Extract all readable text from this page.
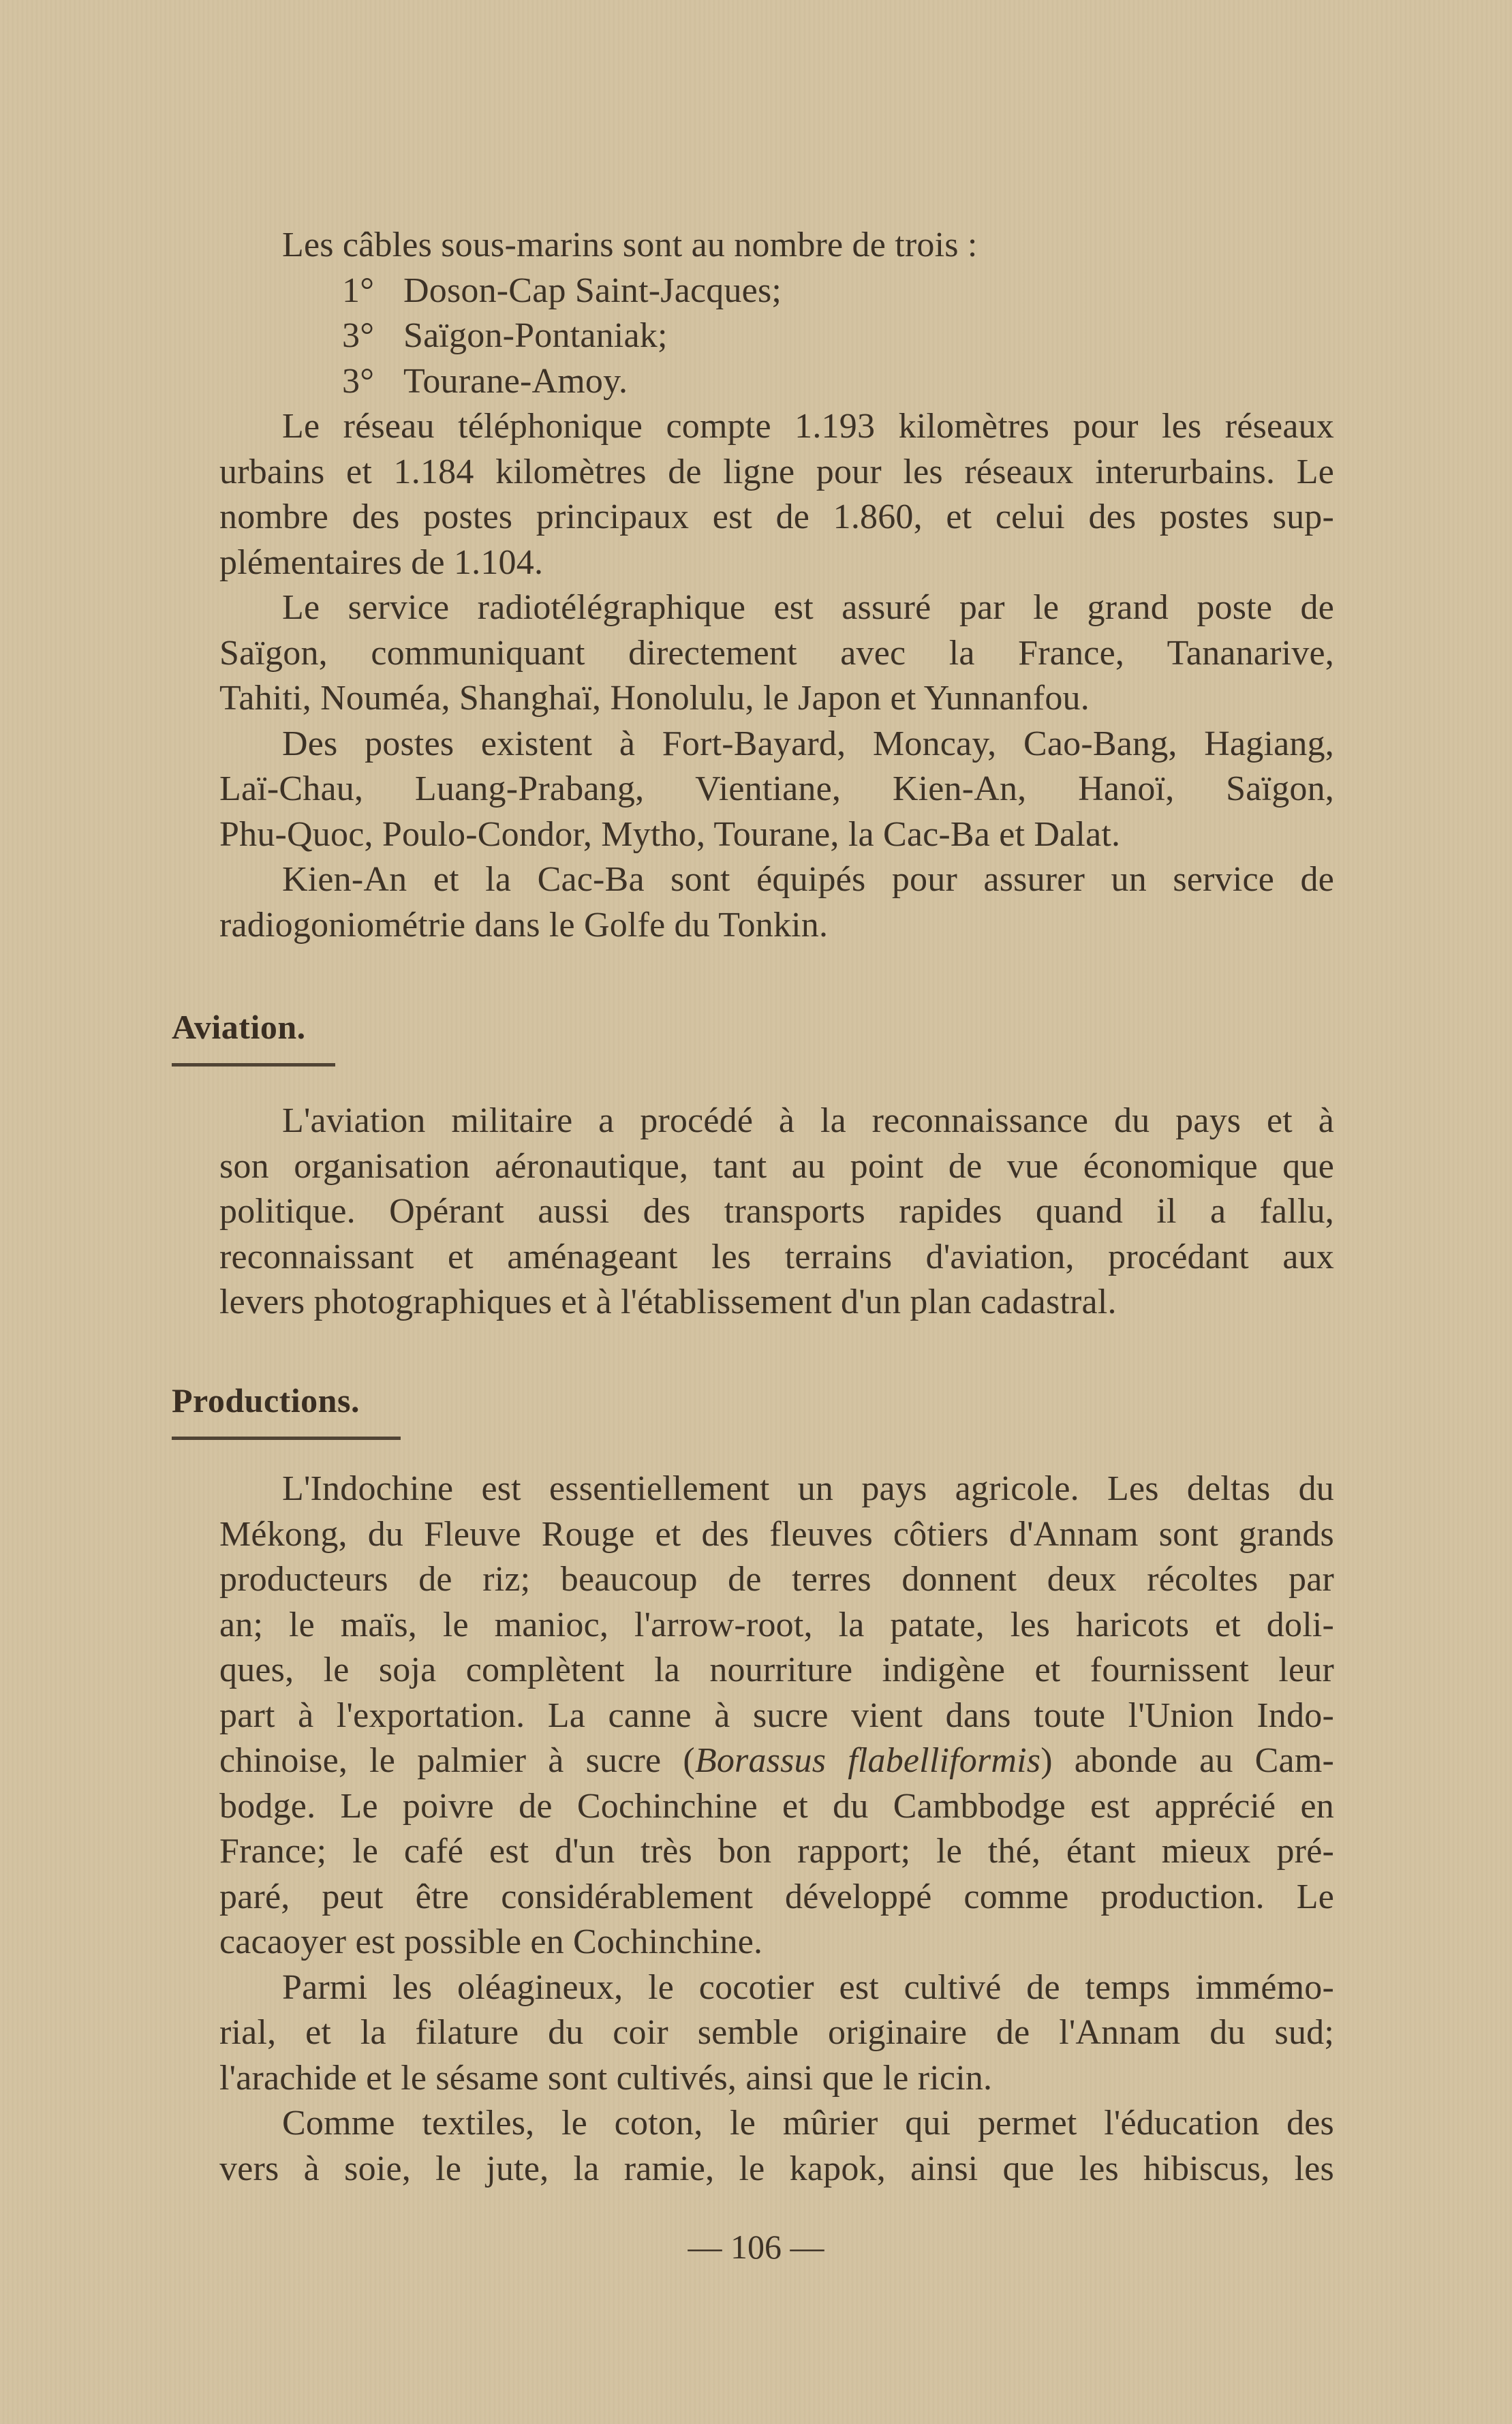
Les câbles sous-marins sont au nombre de trois :
1° Doson-Cap Saint-Jacques;
3° Saïgon-Pontaniak;
3° Tourane-Amoy.

Le réseau téléphonique compte 1.193 kilomètres pour les réseaux
urbains et 1.184 kilomètres de ligne pour les réseaux interurbains. Le
nombre des postes principaux est de 1.860, et celui des postes sup-
plémentaires de 1.104.

Le service radiotélégraphique est assuré par le grand poste de
Saïgon, communiquant directement avec la France, Tananarive,
Tahiti, Nouméa, Shanghaï, Honolulu, le Japon et Yunnanfou.

Des postes existent à Fort-Bayard, Moncay, Cao-Bang, Hagiang,
Laï-Chau, Luang-Prabang, Vientiane, Kien-An, Hanoï, Saïgon,
Phu-Quoc, Poulo-Condor, Mytho, Tourane, la Cac-Ba et Dalat.

Kien-An et la Cac-Ba sont équipés pour assurer un service de
radiogoniométrie dans le Golfe du Tonkin.

Aviation.

L'aviation militaire a procédé à la reconnaissance du pays et à
son organisation aéronautique, tant au point de vue économique que
politique. Opérant aussi des transports rapides quand il a fallu,
reconnaissant et aménageant les terrains d'aviation, procédant aux
levers photographiques et à l'établissement d'un plan cadastral.

Productions.

L'Indochine est essentiellement un pays agricole. Les deltas du
Mékong, du Fleuve Rouge et des fleuves côtiers d'Annam sont grands
producteurs de riz; beaucoup de terres donnent deux récoltes par
an; le maïs, le manioc, l'arrow-root, la patate, les haricots et doli-
ques, le soja complètent la nourriture indigène et fournissent leur
part à l'exportation. La canne à sucre vient dans toute l'Union Indo-
chinoise, le palmier à sucre (Borassus flabelliformis) abonde au Cam-
bodge. Le poivre de Cochinchine et du Cambbodge est apprécié en
France; le café est d'un très bon rapport; le thé, étant mieux pré-
paré, peut être considérablement développé comme production. Le
cacaoyer est possible en Cochinchine.

Parmi les oléagineux, le cocotier est cultivé de temps immémo-
rial, et la filature du coir semble originaire de l'Annam du sud;
l'arachide et le sésame sont cultivés, ainsi que le ricin.

Comme textiles, le coton, le mûrier qui permet l'éducation des
vers à soie, le jute, la ramie, le kapok, ainsi que les hibiscus, les

— 106 —
